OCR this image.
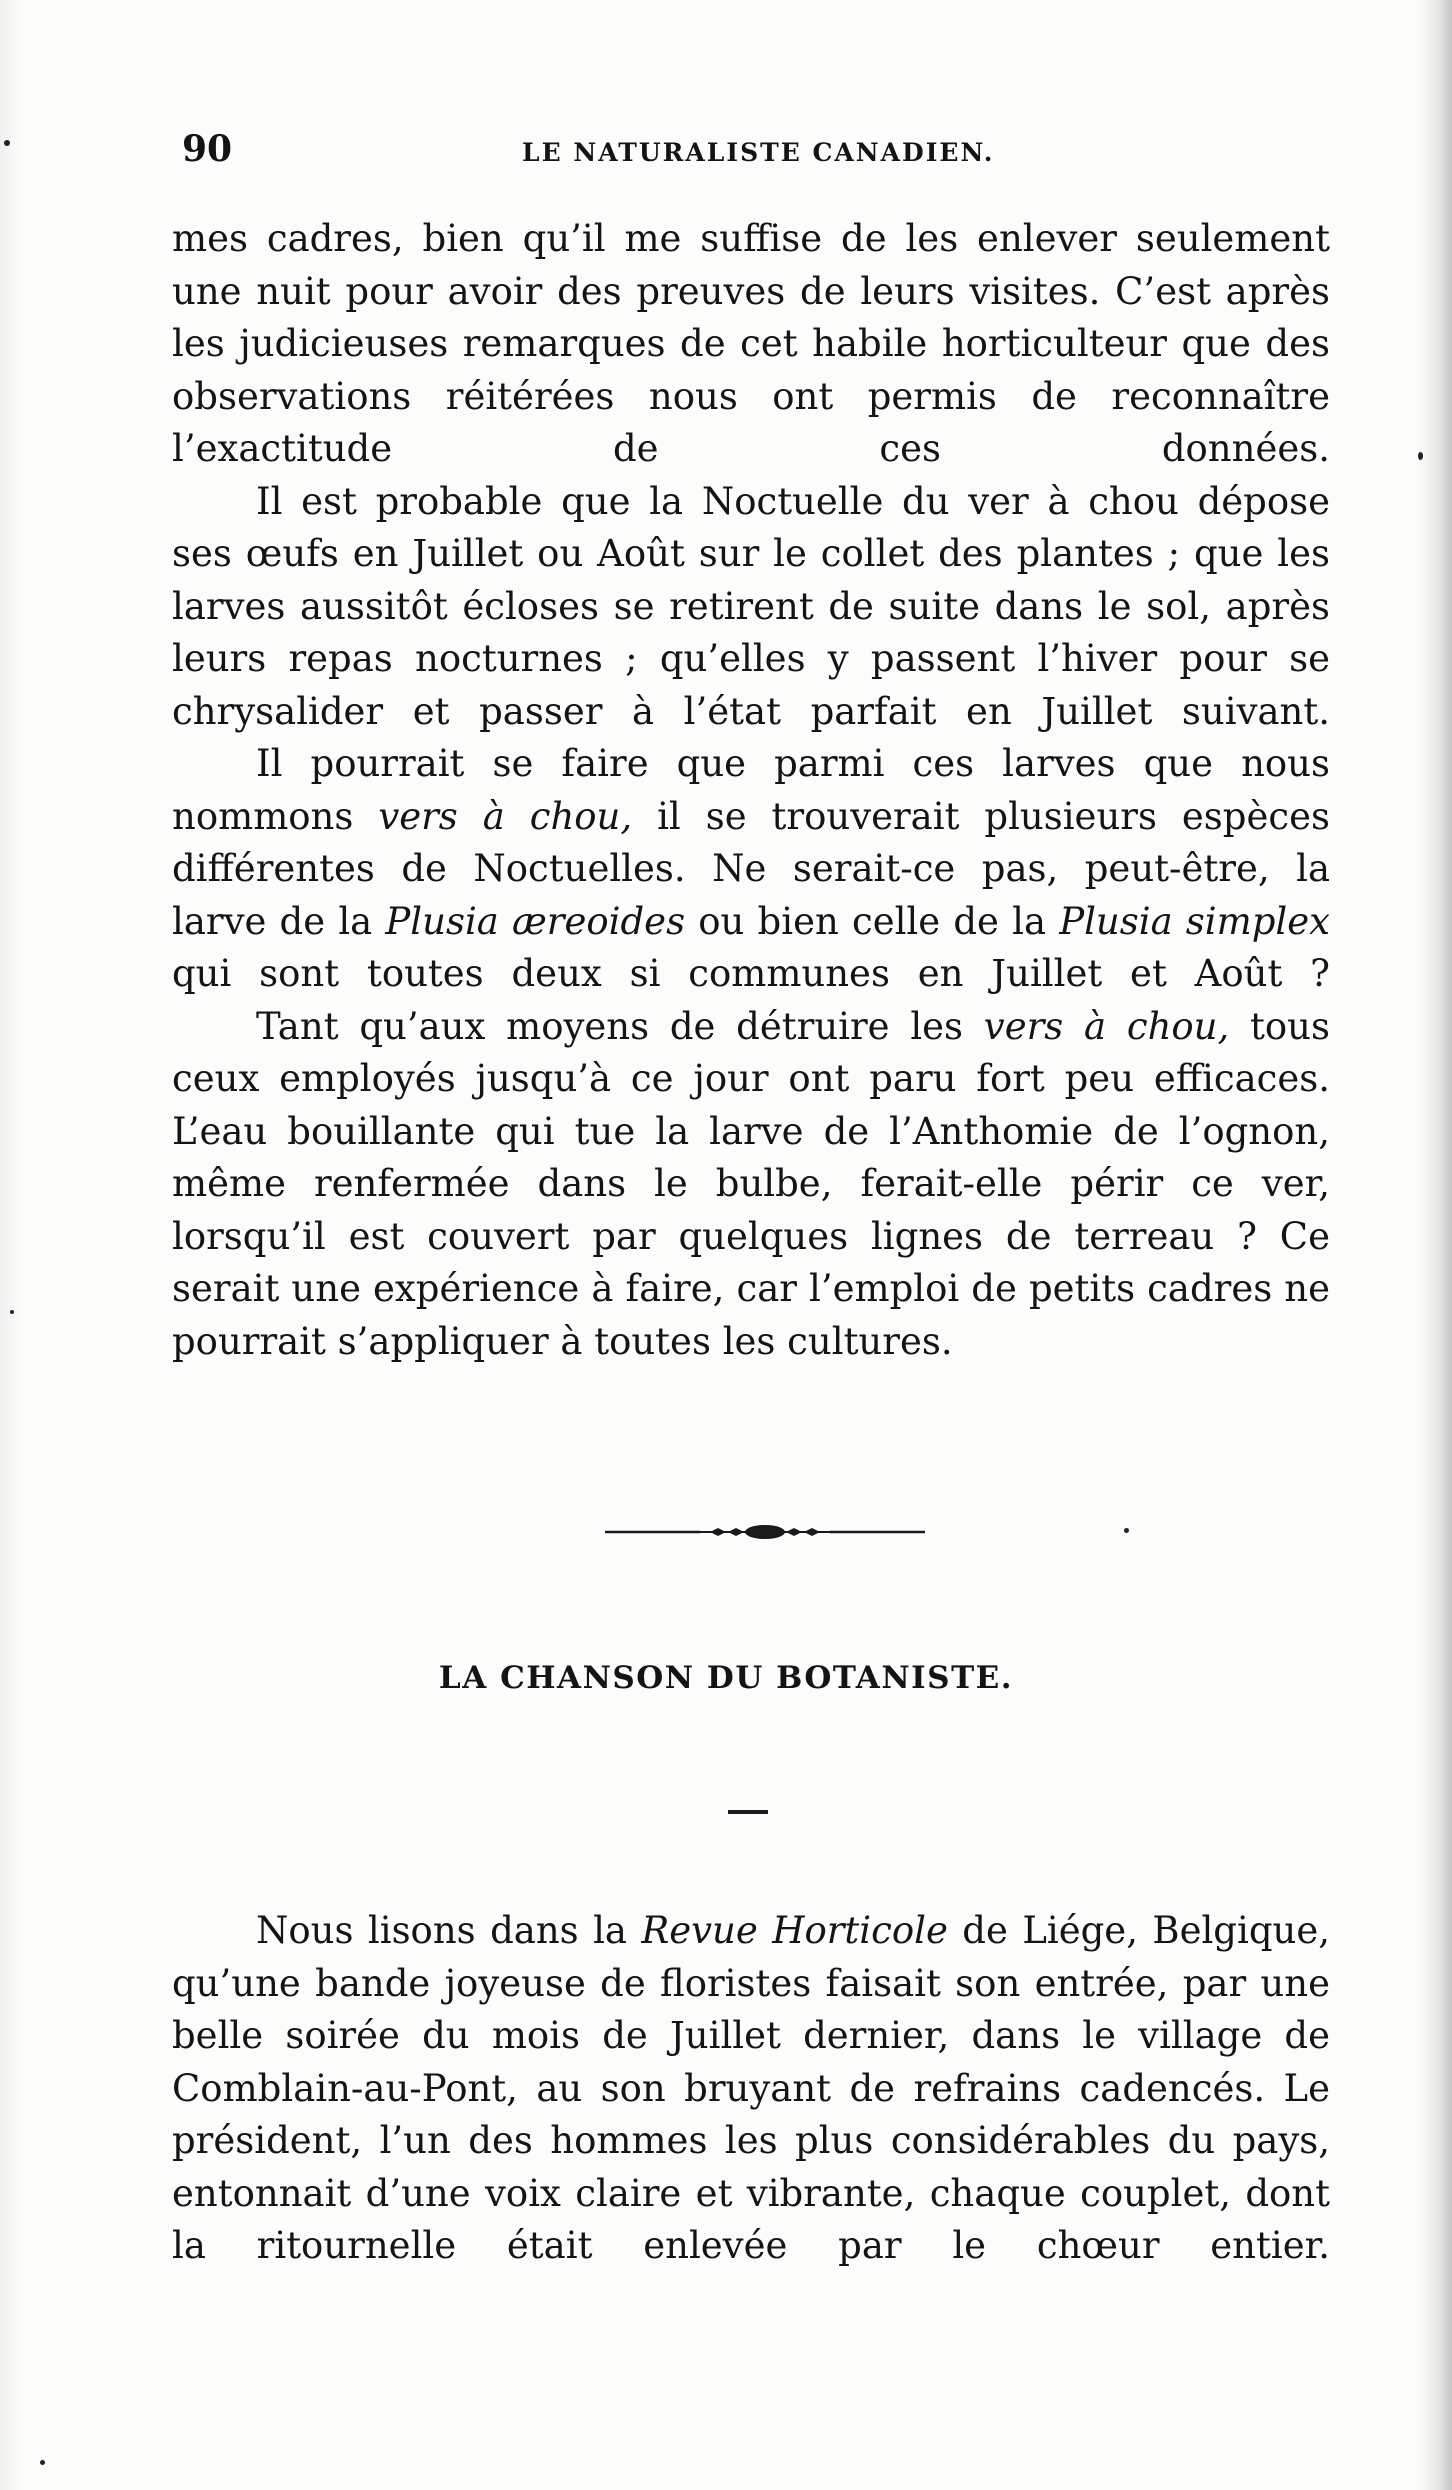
90	LE NATURALISTE CANADIEN.

mes cadres, bien qu’il me suffise de les enlever seulement une nuit pour avoir des preuves de leurs visites. C’est après les judicieuses remarques de cet habile horticulteur que des observations réitérées nous ont permis de reconnaître l’exactitude de ces données.

Il est probable que la Noctuelle du ver à chou dépose ses œufs en Juillet ou Août sur le collet des plantes ; que les larves aussitôt écloses se retirent de suite dans le sol, après leurs repas nocturnes ; qu’elles y passent l’hiver pour se chrysalider et passer à l’état parfait en Juillet suivant.

Il pourrait se faire que parmi ces larves que nous nommons vers à chou, il se trouverait plusieurs espèces différentes de Noctuelles. Ne serait-ce pas, peut-être, la larve de la Plusia æreoides ou bien celle de la Plusia simplex qui sont toutes deux si communes en Juillet et Août ?

Tant qu’aux moyens de détruire les vers à chou, tous ceux employés jusqu’à ce jour ont paru fort peu efficaces. L’eau bouillante qui tue la larve de l’Anthomie de l’ognon, même renfermée dans le bulbe, ferait-elle périr ce ver, lorsqu’il est couvert par quelques lignes de terreau ? Ce serait une expérience à faire, car l’emploi de petits cadres ne pourrait s’appliquer à toutes les cultures.

LA CHANSON DU BOTANISTE.

Nous lisons dans la Revue Horticole de Liége, Belgique, qu’une bande joyeuse de floristes faisait son entrée, par une belle soirée du mois de Juillet dernier, dans le village de Comblain-au-Pont, au son bruyant de refrains cadencés. Le président, l’un des hommes les plus considérables du pays, entonnait d’une voix claire et vibrante, chaque couplet, dont la ritournelle était enlevée par le chœur entier.
